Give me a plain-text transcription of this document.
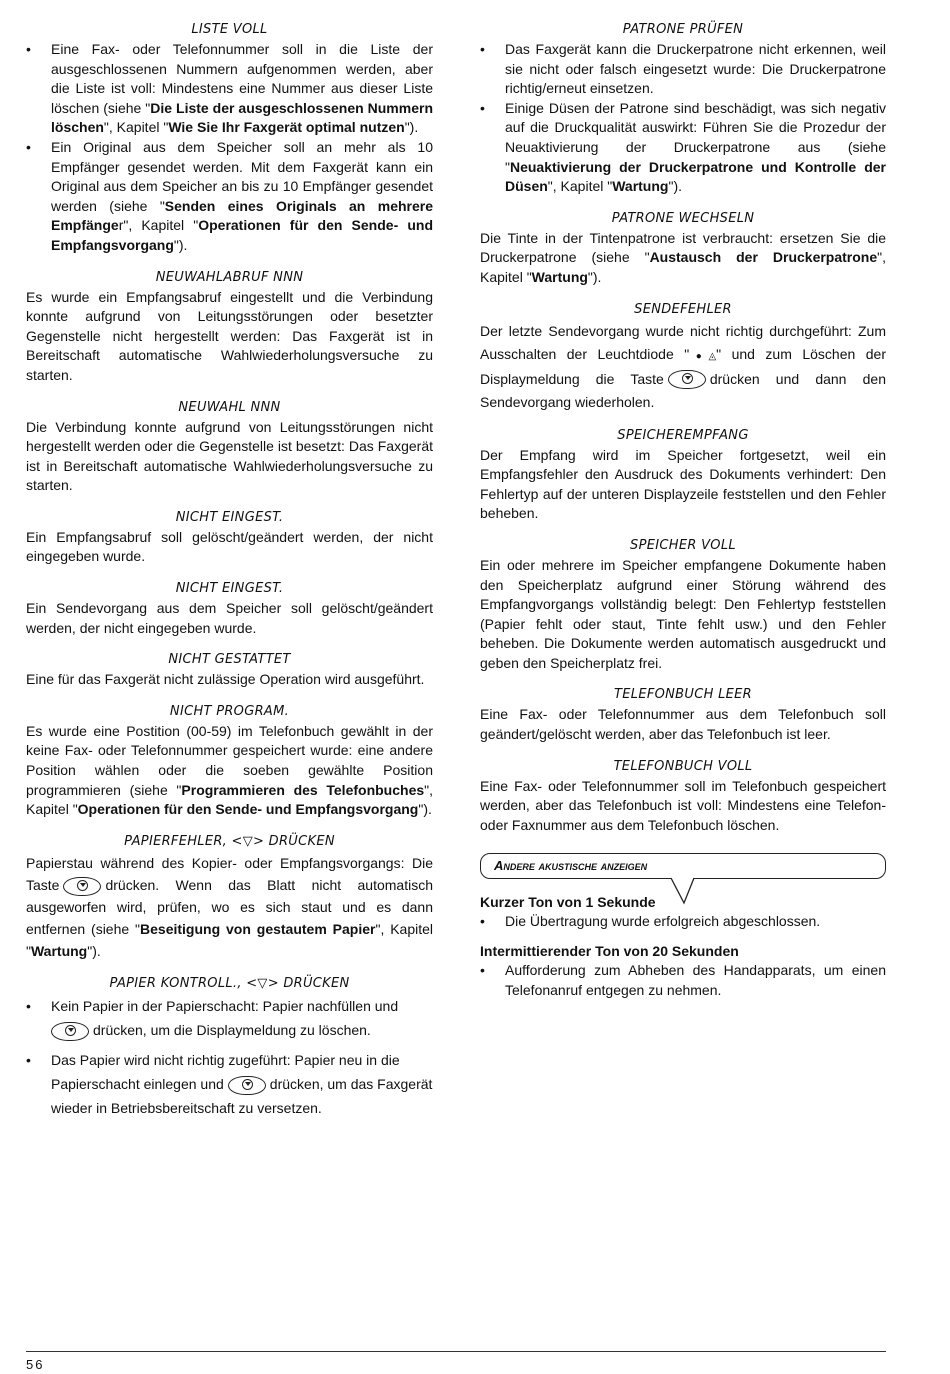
LISTE VOLL
• Eine Fax- oder Telefonnummer soll in die Liste der ausgeschlossenen Nummern aufgenommen werden, aber die Liste ist voll: Mindestens eine Nummer aus dieser Liste löschen (siehe "Die Liste der ausgeschlossenen Nummern löschen", Kapitel "Wie Sie Ihr Faxgerät optimal nutzen").
• Ein Original aus dem Speicher soll an mehr als 10 Empfänger gesendet werden. Mit dem Faxgerät kann ein Original aus dem Speicher an bis zu 10 Empfänger gesendet werden (siehe "Senden eines Originals an mehrere Empfänger", Kapitel "Operationen für den Sende- und Empfangsvorgang").
NEUWAHLABRUF NNN

Es wurde ein Empfangsabruf eingestellt und die Verbindung konnte aufgrund von Leitungsstörungen oder besetzter Gegenstelle nicht hergestellt werden: Das Faxgerät ist in Bereitschaft automatische Wahlwiederholungsversuche zu starten.

NEUWAHL NNN

Die Verbindung konnte aufgrund von Leitungsstörungen nicht hergestellt werden oder die Gegenstelle ist besetzt: Das Faxgerät ist in Bereitschaft automatische Wahlwiederholungsversuche zu starten.

NICHT EINGEST.

Ein Empfangsabruf soll gelöscht/geändert werden, der nicht eingegeben wurde.

NICHT EINGEST.

Ein Sendevorgang aus dem Speicher soll gelöscht/geändert werden, der nicht eingegeben wurde.

NICHT GESTATTET

Eine für das Faxgerät nicht zulässige Operation wird ausgeführt.

NICHT PROGRAM.

Es wurde eine Postition (00-59) im Telefonbuch gewählt in der keine Fax- oder Telefonnummer gespeichert wurde: eine andere Position wählen oder die soeben gewählte Position programmieren (siehe "Programmieren des Telefonbuches", Kapitel "Operationen für den Sende- und Empfangsvorgang").

PAPIERFEHLER, <▽> DRÜCKEN

Papierstau während des Kopier- oder Empfangsvorgangs: Die Taste	drücken. Wenn das Blatt nicht automatisch ausgeworfen wird, prüfen, wo es sich staut und es dann entfernen (siehe "Beseitigung von gestautem Papier", Kapitel "Wartung").

PAPIER KONTROLL., <▽> DRÜCKEN
• Kein Papier in der Papierschacht: Papier nachfüllen und

drücken, um die Displaymeldung zu löschen.
• Das Papier wird nicht richtig zugeführt: Papier neu in die Papierschacht einlegen und	drücken, um das Faxgerät wieder in Betriebsbereitschaft zu versetzen.
PATRONE PRÜFEN
• Das Faxgerät kann die Druckerpatrone nicht erkennen, weil sie nicht oder falsch eingesetzt wurde: Die Druckerpatrone richtig/erneut einsetzen.
• Einige Düsen der Patrone sind beschädigt, was sich negativ auf die Druckqualität auswirkt: Führen Sie die Prozedur der Neuaktivierung der Druckerpatrone aus (siehe "Neuaktivierung der Druckerpatrone und Kontrolle der Düsen", Kapitel "Wartung").
PATRONE WECHSELN

Die Tinte in der Tintenpatrone ist verbraucht: ersetzen Sie die Druckerpatrone (siehe "Austausch der Druckerpatrone", Kapitel "Wartung").

SENDEFEHLER

Der letzte Sendevorgang wurde nicht richtig durchgeführt: Zum Ausschalten der Leuchtdiode "●◬" und zum Löschen der Displaymeldung die Taste	drücken und dann den Sendevorgang wiederholen.

SPEICHEREMPFANG

Der Empfang wird im Speicher fortgesetzt, weil ein Empfangsfehler den Ausdruck des Dokuments verhindert: Den Fehlertyp auf der unteren Displayzeile feststellen und den Fehler beheben.

SPEICHER VOLL

Ein oder mehrere im Speicher empfangene Dokumente haben den Speicherplatz aufgrund einer Störung während des Empfangvorgangs vollständig belegt: Den Fehlertyp feststellen (Papier fehlt oder staut, Tinte fehlt usw.) und den Fehler beheben. Die Dokumente werden automatisch ausgedruckt und geben den Speicherplatz frei.

TELEFONBUCH LEER

Eine Fax- oder Telefonnummer aus dem Telefonbuch soll geändert/gelöscht werden, aber das Telefonbuch ist leer.

TELEFONBUCH VOLL

Eine Fax- oder Telefonnummer soll im Telefonbuch gespeichert werden, aber das Telefonbuch ist voll: Mindestens eine Telefon- oder Faxnummer aus dem Telefonbuch löschen.

Andere akustische anzeigen

Kurzer Ton von 1 Sekunde

• Die Übertragung wurde erfolgreich abgeschlossen.

Intermittierender Ton von 20 Sekunden

• Aufforderung zum Abheben des Handapparats, um einen Telefonanruf entgegen zu nehmen.
56
